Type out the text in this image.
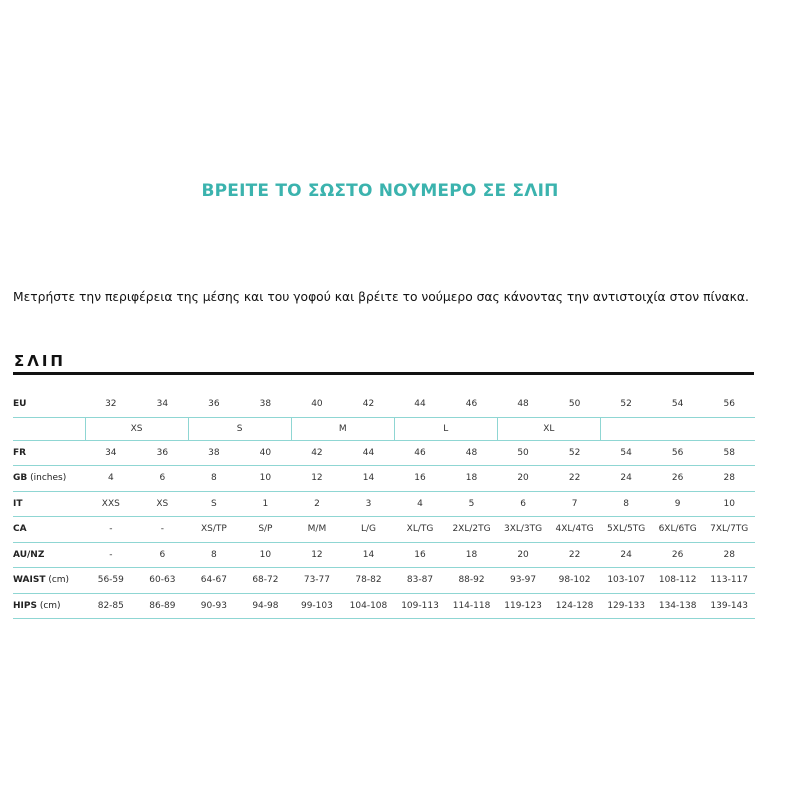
ΒΡΕΙΤΕ ΤΟ ΣΩΣΤΟ ΝΟΥΜΕΡΟ ΣΕ ΣΛΙΠ
Μετρήστε την περιφέρεια της μέσης και του γοφού και βρέιτε το νούμερο σας κάνοντας την αντιστοιχία στον πίνακα.
ΣΛΙΠ
EU	32	34	36	38	40	42	44	46	48	50	52	54	56
	XS		S		M		L		XL				
FR	34	36	38	40	42	44	46	48	50	52	54	56	58
GB (inches)	4	6	8	10	12	14	16	18	20	22	24	26	28
IT	XXS	XS	S	1	2	3	4	5	6	7	8	9	10
CA	-	-	XS/TP	S/P	M/M	L/G	XL/TG	2XL/2TG	3XL/3TG	4XL/4TG	5XL/5TG	6XL/6TG	7XL/7TG
AU/NZ	-	6	8	10	12	14	16	18	20	22	24	26	28
WAIST (cm)	56-59	60-63	64-67	68-72	73-77	78-82	83-87	88-92	93-97	98-102	103-107	108-112	113-117
HIPS (cm)	82-85	86-89	90-93	94-98	99-103	104-108	109-113	114-118	119-123	124-128	129-133	134-138	139-143
